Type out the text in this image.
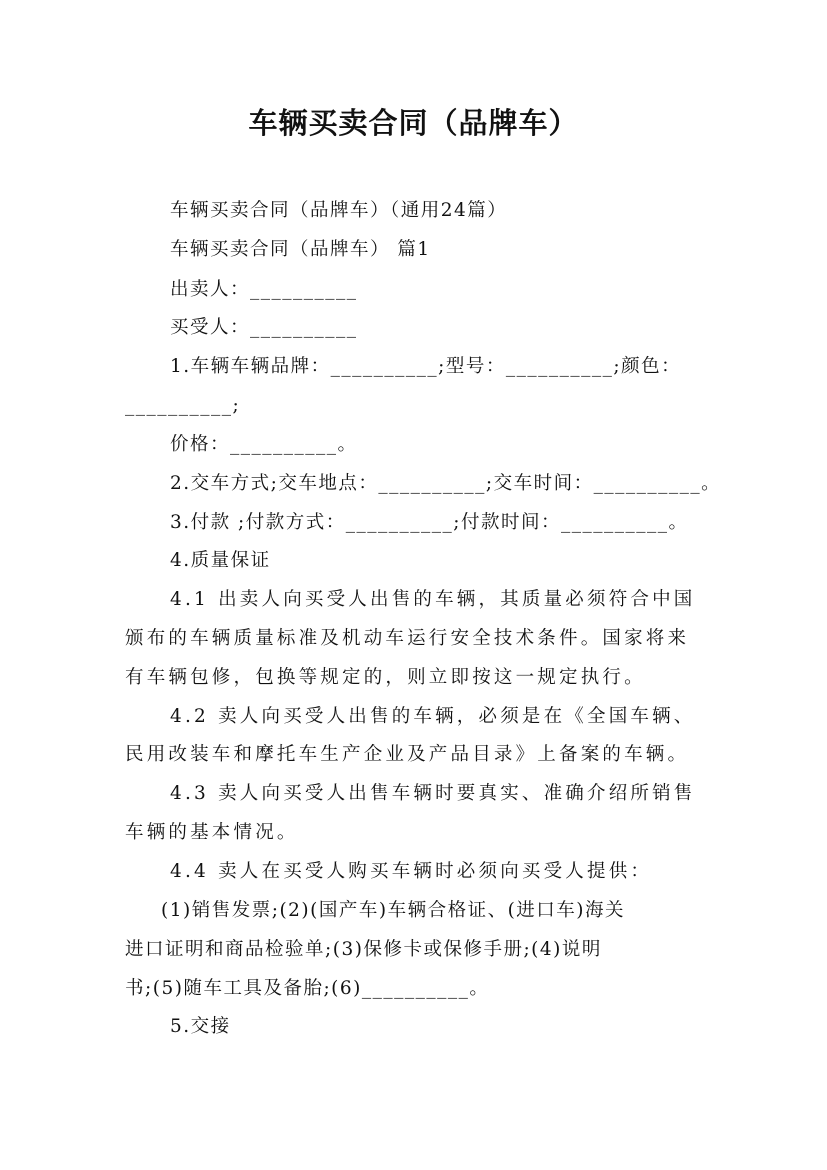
车辆买卖合同（品牌车）
车辆买卖合同（品牌车）（通用24篇）
车辆买卖合同（品牌车） 篇1
出卖人：__________
买受人：__________
1.车辆车辆品牌：__________;型号：__________;颜色：
__________;
价格：__________。
2.交车方式;交车地点：__________;交车时间：__________。
3.付款 ;付款方式：__________;付款时间：__________。
4.质量保证
4.1 出卖人向买受人出售的车辆，其质量必须符合中国
颁布的车辆质量标准及机动车运行安全技术条件。国家将来
有车辆包修，包换等规定的，则立即按这一规定执行。
4.2 卖人向买受人出售的车辆，必须是在《全国车辆、
民用改装车和摩托车生产企业及产品目录》上备案的车辆。
4.3 卖人向买受人出售车辆时要真实、准确介绍所销售
车辆的基本情况。
4.4 卖人在买受人购买车辆时必须向买受人提供：
(1)销售发票;(2)(国产车)车辆合格证、(进口车)海关
进口证明和商品检验单;(3)保修卡或保修手册;(4)说明
书;(5)随车工具及备胎;(6)__________。
5.交接
